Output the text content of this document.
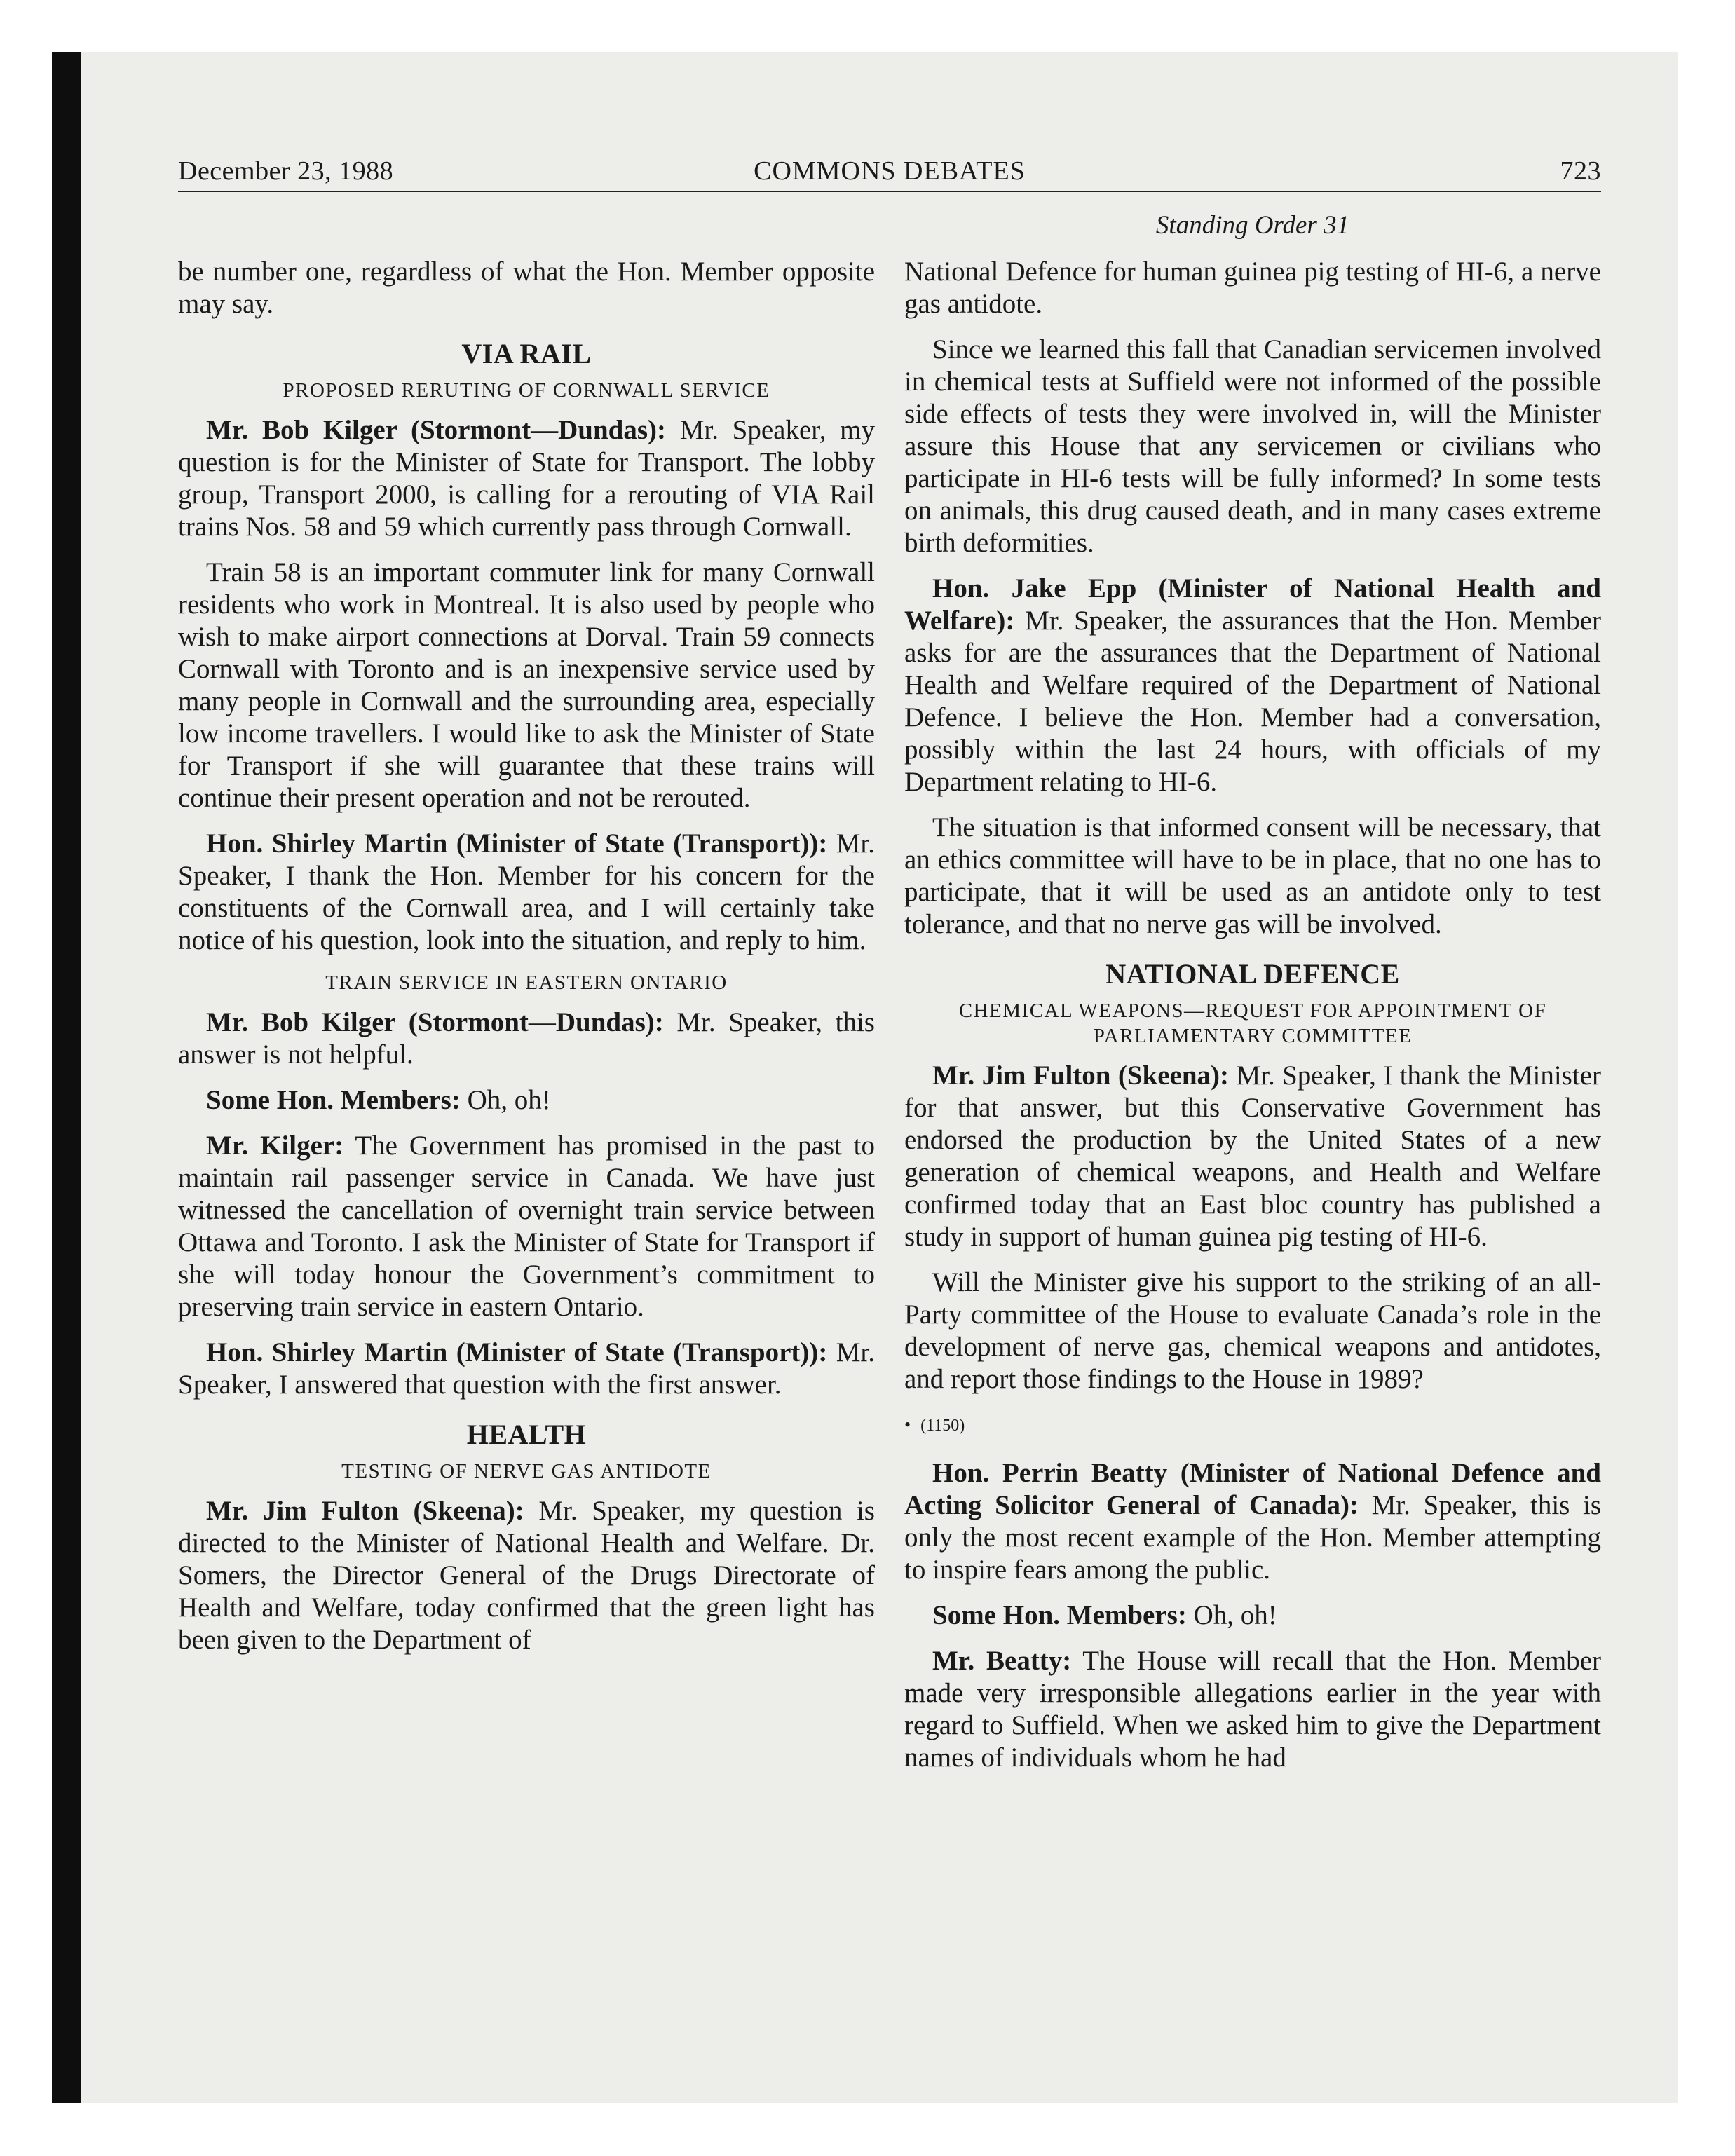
December 23, 1988	COMMONS DEBATES	723
Standing Order 31

be number one, regardless of what the Hon. Member opposite may say.

VIA RAIL
PROPOSED RERUTING OF CORNWALL SERVICE

Mr. Bob Kilger (Stormont—Dundas): Mr. Speaker, my question is for the Minister of State for Transport. The lobby group, Transport 2000, is calling for a rerouting of VIA Rail trains Nos. 58 and 59 which currently pass through Cornwall.

Train 58 is an important commuter link for many Cornwall residents who work in Montreal. It is also used by people who wish to make airport connections at Dorval. Train 59 connects Cornwall with Toronto and is an inexpensive service used by many people in Cornwall and the surrounding area, especially low income travellers. I would like to ask the Minister of State for Transport if she will guarantee that these trains will continue their present operation and not be rerouted.

Hon. Shirley Martin (Minister of State (Transport)): Mr. Speaker, I thank the Hon. Member for his concern for the constituents of the Cornwall area, and I will certainly take notice of his question, look into the situation, and reply to him.

TRAIN SERVICE IN EASTERN ONTARIO

Mr. Bob Kilger (Stormont—Dundas): Mr. Speaker, this answer is not helpful.

Some Hon. Members: Oh, oh!

Mr. Kilger: The Government has promised in the past to maintain rail passenger service in Canada. We have just witnessed the cancellation of overnight train service between Ottawa and Toronto. I ask the Minister of State for Transport if she will today honour the Government’s commitment to preserving train service in eastern Ontario.

Hon. Shirley Martin (Minister of State (Transport)): Mr. Speaker, I answered that question with the first answer.

HEALTH
TESTING OF NERVE GAS ANTIDOTE

Mr. Jim Fulton (Skeena): Mr. Speaker, my question is directed to the Minister of National Health and Welfare. Dr. Somers, the Director General of the Drugs Directorate of Health and Welfare, today confirmed that the green light has been given to the Department of

National Defence for human guinea pig testing of HI-6, a nerve gas antidote.

Since we learned this fall that Canadian servicemen involved in chemical tests at Suffield were not informed of the possible side effects of tests they were involved in, will the Minister assure this House that any servicemen or civilians who participate in HI-6 tests will be fully informed? In some tests on animals, this drug caused death, and in many cases extreme birth deformities.

Hon. Jake Epp (Minister of National Health and Welfare): Mr. Speaker, the assurances that the Hon. Member asks for are the assurances that the Department of National Health and Welfare required of the Department of National Defence. I believe the Hon. Member had a conversation, possibly within the last 24 hours, with officials of my Department relating to HI-6.

The situation is that informed consent will be necessary, that an ethics committee will have to be in place, that no one has to participate, that it will be used as an antidote only to test tolerance, and that no nerve gas will be involved.

NATIONAL DEFENCE
CHEMICAL WEAPONS—REQUEST FOR APPOINTMENT OF PARLIAMENTARY COMMITTEE

Mr. Jim Fulton (Skeena): Mr. Speaker, I thank the Minister for that answer, but this Conservative Government has endorsed the production by the United States of a new generation of chemical weapons, and Health and Welfare confirmed today that an East bloc country has published a study in support of human guinea pig testing of HI-6.

Will the Minister give his support to the striking of an all-Party committee of the House to evaluate Canada’s role in the development of nerve gas, chemical weapons and antidotes, and report those findings to the House in 1989?

• (1150)

Hon. Perrin Beatty (Minister of National Defence and Acting Solicitor General of Canada): Mr. Speaker, this is only the most recent example of the Hon. Member attempting to inspire fears among the public.

Some Hon. Members: Oh, oh!

Mr. Beatty: The House will recall that the Hon. Member made very irresponsible allegations earlier in the year with regard to Suffield. When we asked him to give the Department names of individuals whom he had
